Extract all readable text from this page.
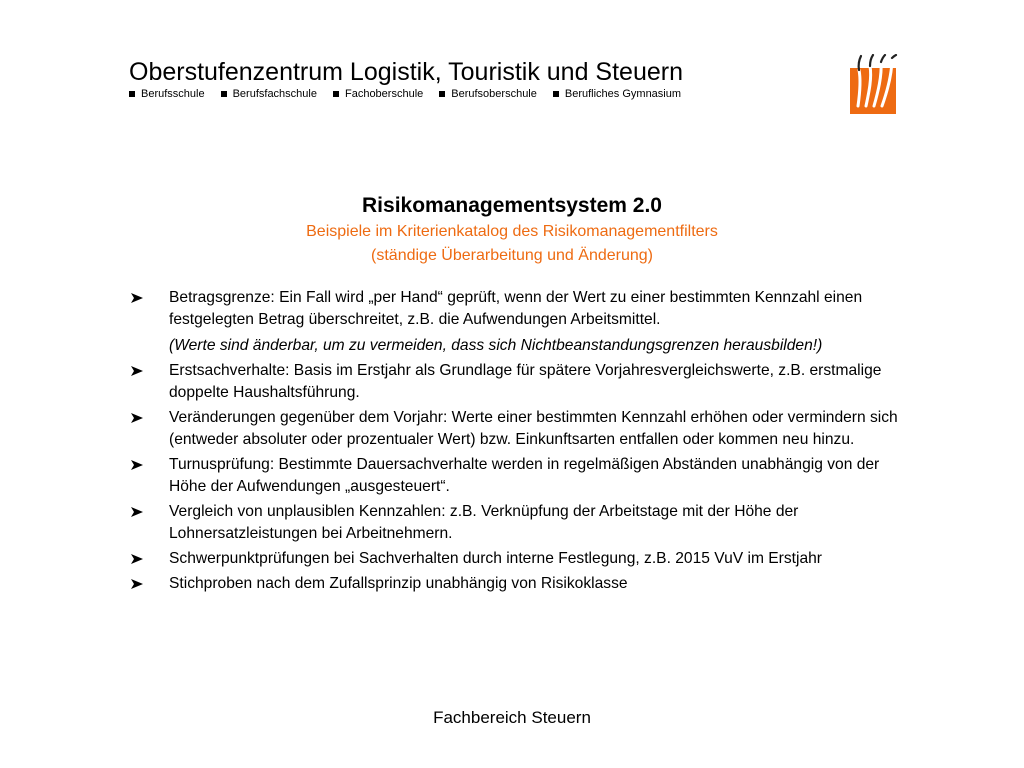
Oberstufenzentrum Logistik, Touristik und Steuern
Berufsschule	Berufsfachschule	Fachoberschule	Berufsoberschule	Berufliches Gymnasium
Risikomanagementsystem 2.0
Beispiele im Kriterienkatalog des Risikomanagementfilters
(ständige Überarbeitung und Änderung)
Betragsgrenze: Ein Fall wird „per Hand“ geprüft, wenn der Wert zu einer bestimmten Kennzahl einen festgelegten Betrag überschreitet, z.B. die Aufwendungen Arbeitsmittel.
(Werte sind änderbar, um zu vermeiden, dass sich Nichtbeanstandungsgrenzen herausbilden!)
Erstsachverhalte: Basis im Erstjahr als Grundlage für spätere Vorjahresvergleichswerte, z.B. erstmalige doppelte Haushaltsführung.
Veränderungen gegenüber dem Vorjahr: Werte einer bestimmten Kennzahl erhöhen oder vermindern sich (entweder absoluter oder prozentualer Wert) bzw. Einkunftsarten entfallen oder kommen neu hinzu.
Turnusprüfung: Bestimmte Dauersachverhalte werden in regelmäßigen Abständen unabhängig von der Höhe der Aufwendungen „ausgesteuert“.
Vergleich von unplausiblen Kennzahlen: z.B. Verknüpfung der Arbeitstage mit der Höhe der Lohnersatzleistungen bei Arbeitnehmern.
Schwerpunktprüfungen bei Sachverhalten durch interne Festlegung, z.B. 2015 VuV im Erstjahr
Stichproben nach dem Zufallsprinzip unabhängig von Risikoklasse
Fachbereich Steuern
